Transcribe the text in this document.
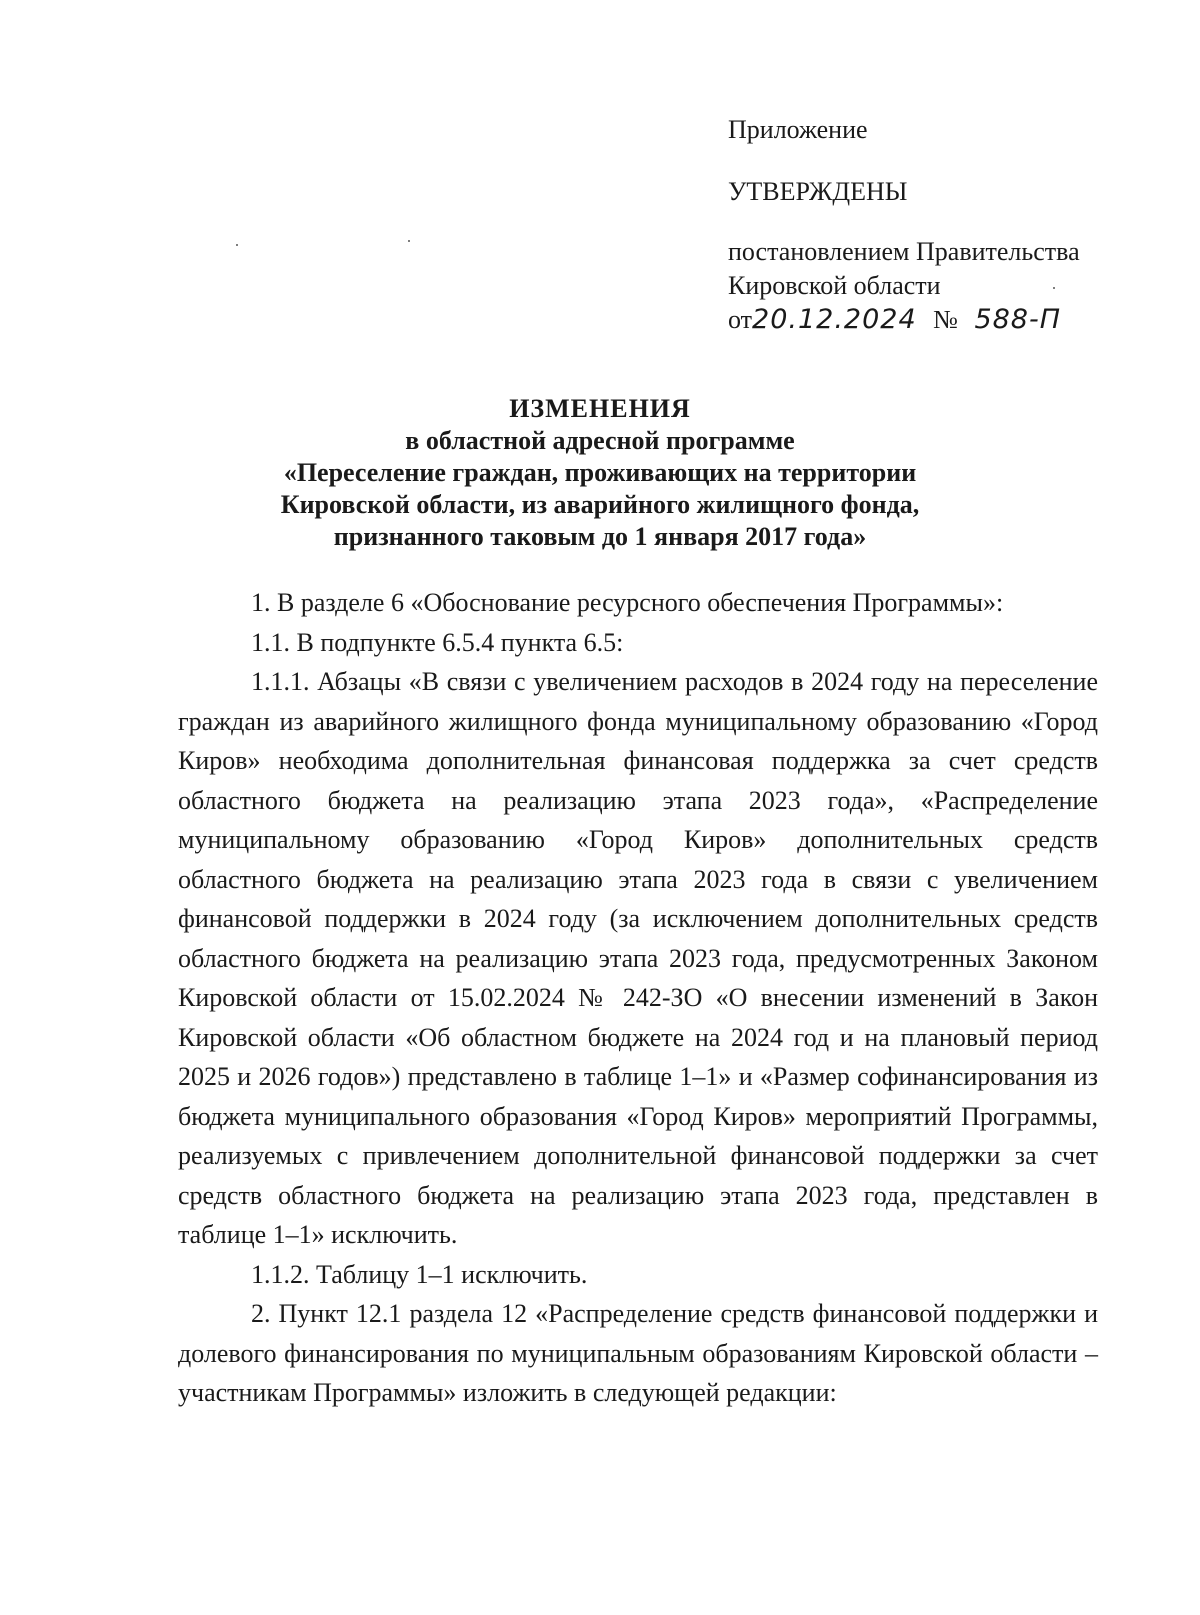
Приложение
УТВЕРЖДЕНЫ
постановлением Правительства
Кировской области
от20.12.2024 № 588-П
ИЗМЕНЕНИЯ
в областной адресной программе
«Переселение граждан, проживающих на территории
Кировской области, из аварийного жилищного фонда,
признанного таковым до 1 января 2017 года»

1. В разделе 6 «Обоснование ресурсного обеспечения Программы»:

1.1. В подпункте 6.5.4 пункта 6.5:

1.1.1. Абзацы «В связи с увеличением расходов в 2024 году на переселение граждан из аварийного жилищного фонда муниципальному образованию «Город Киров» необходима дополнительная финансовая поддержка за счет средств областного бюджета на реализацию этапа 2023 года», «Распределение муниципальному образованию «Город Киров» дополнительных средств областного бюджета на реализацию этапа 2023 года в связи с увеличением финансовой поддержки в 2024 году (за исключением дополнительных средств областного бюджета на реализацию этапа 2023 года, предусмотренных Законом Кировской области от 15.02.2024 № 242-ЗО «О внесении изменений в Закон Кировской области «Об областном бюджете на 2024 год и на плановый период 2025 и 2026 годов») представлено в таблице 1–1» и «Размер софинансирования из бюджета муниципального образования «Город Киров» мероприятий Программы, реализуемых с привлечением дополнительной финансовой поддержки за счет средств областного бюджета на реализацию этапа 2023 года, представлен в таблице 1–1» исключить.

1.1.2. Таблицу 1–1 исключить.

2. Пункт 12.1 раздела 12 «Распределение средств финансовой поддержки и долевого финансирования по муниципальным образованиям Кировской области – участникам Программы» изложить в следующей редакции:
